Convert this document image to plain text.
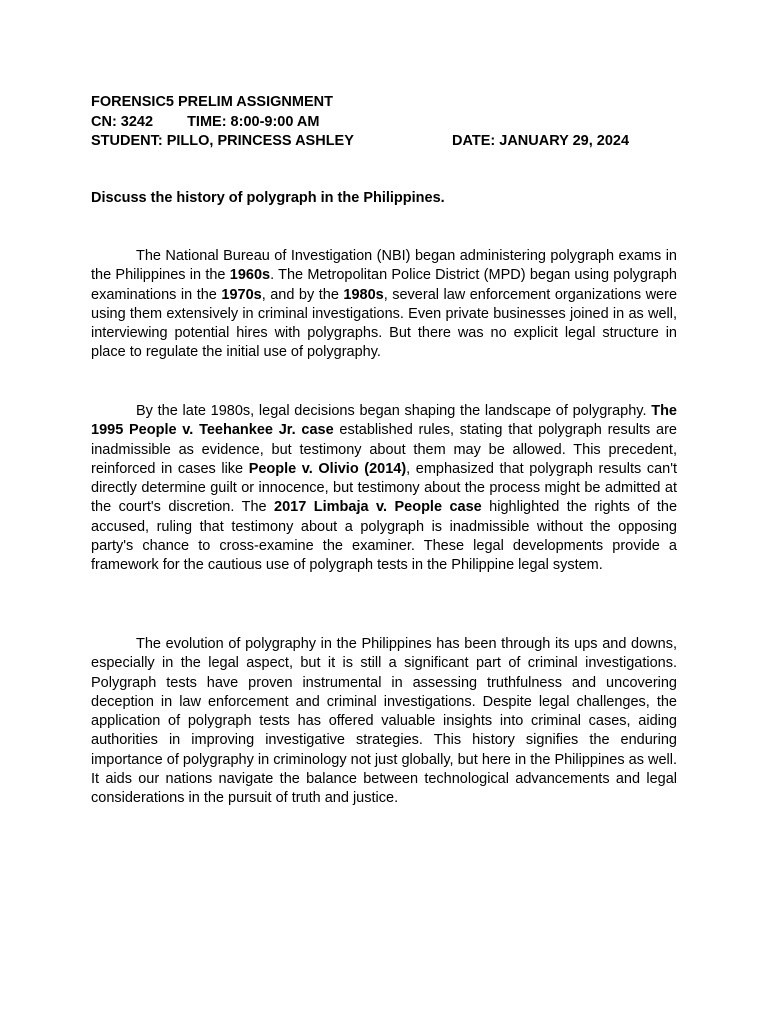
FORENSIC5 PRELIM ASSIGNMENT
CN: 3242 TIME: 8:00-9:00 AM
STUDENT: PILLO, PRINCESS ASHLEY	DATE: JANUARY 29, 2024
Discuss the history of polygraph in the Philippines.

The National Bureau of Investigation (NBI) began administering polygraph exams in the Philippines in the 1960s. The Metropolitan Police District (MPD) began using polygraph examinations in the 1970s, and by the 1980s, several law enforcement organizations were using them extensively in criminal investigations. Even private businesses joined in as well, interviewing potential hires with polygraphs. But there was no explicit legal structure in place to regulate the initial use of polygraphy.

By the late 1980s, legal decisions began shaping the landscape of polygraphy. The 1995 People v. Teehankee Jr. case established rules, stating that polygraph results are inadmissible as evidence, but testimony about them may be allowed. This precedent, reinforced in cases like People v. Olivio (2014), emphasized that polygraph results can't directly determine guilt or innocence, but testimony about the process might be admitted at the court's discretion. The 2017 Limbaja v. People case highlighted the rights of the accused, ruling that testimony about a polygraph is inadmissible without the opposing party's chance to cross-examine the examiner. These legal developments provide a framework for the cautious use of polygraph tests in the Philippine legal system.

The evolution of polygraphy in the Philippines has been through its ups and downs, especially in the legal aspect, but it is still a significant part of criminal investigations. Polygraph tests have proven instrumental in assessing truthfulness and uncovering deception in law enforcement and criminal investigations. Despite legal challenges, the application of polygraph tests has offered valuable insights into criminal cases, aiding authorities in improving investigative strategies. This history signifies the enduring importance of polygraphy in criminology not just globally, but here in the Philippines as well. It aids our nations navigate the balance between technological advancements and legal considerations in the pursuit of truth and justice.
